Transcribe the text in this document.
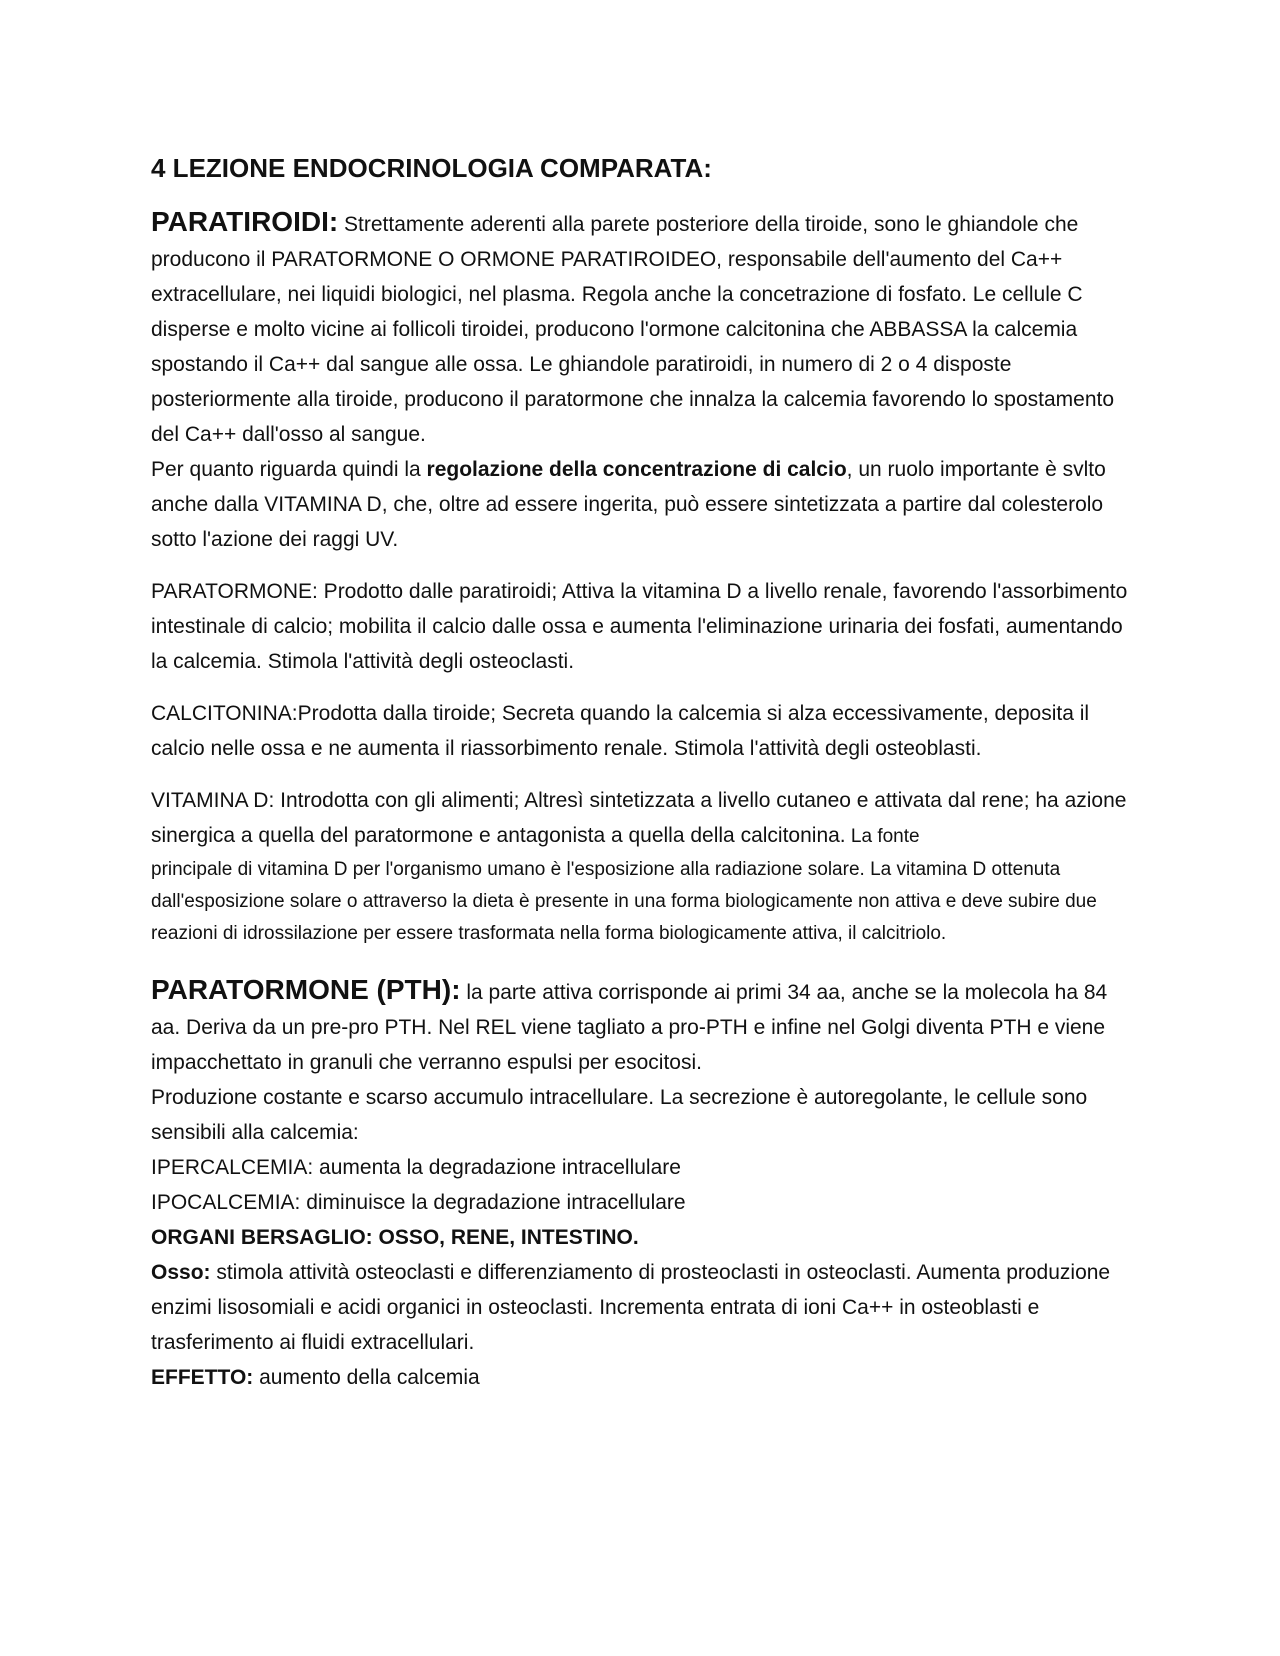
4 LEZIONE ENDOCRINOLOGIA COMPARATA:

PARATIROIDI: Strettamente aderenti alla parete posteriore della tiroide, sono le ghiandole che producono il PARATORMONE O ORMONE PARATIROIDEO, responsabile dell'aumento del Ca++ extracellulare, nei liquidi biologici, nel plasma. Regola anche la concetrazione di fosfato. Le cellule C disperse e molto vicine ai follicoli tiroidei, producono l'ormone calcitonina che ABBASSA la calcemia spostando il Ca++ dal sangue alle ossa. Le ghiandole paratiroidi, in numero di 2 o 4 disposte posteriormente alla tiroide, producono il paratormone che innalza la calcemia favorendo lo spostamento del Ca++ dall'osso al sangue.

Per quanto riguarda quindi la regolazione della concentrazione di calcio, un ruolo importante è svlto anche dalla VITAMINA D, che, oltre ad essere ingerita, può essere sintetizzata a partire dal colesterolo sotto l'azione dei raggi UV.

PARATORMONE: Prodotto dalle paratiroidi; Attiva la vitamina D a livello renale, favorendo l'assorbimento intestinale di calcio; mobilita il calcio dalle ossa e aumenta l'eliminazione urinaria dei fosfati, aumentando la calcemia. Stimola l'attività degli osteoclasti.

CALCITONINA:Prodotta dalla tiroide; Secreta quando la calcemia si alza eccessivamente, deposita il calcio nelle ossa e ne aumenta il riassorbimento renale. Stimola l'attività degli osteoblasti.

VITAMINA D: Introdotta con gli alimenti; Altresì sintetizzata a livello cutaneo e attivata dal rene; ha azione sinergica a quella del paratormone e antagonista a quella della calcitonina. La fonte

principale di vitamina D per l'organismo umano è l'esposizione alla radiazione solare. La vitamina D ottenuta dall'esposizione solare o attraverso la dieta è presente in una forma biologicamente non attiva e deve subire due reazioni di idrossilazione per essere trasformata nella forma biologicamente attiva, il calcitriolo.

PARATORMONE (PTH): la parte attiva corrisponde ai primi 34 aa, anche se la molecola ha 84 aa. Deriva da un pre-pro PTH. Nel REL viene tagliato a pro-PTH e infine nel Golgi diventa PTH e viene impacchettato in granuli che verranno espulsi per esocitosi.

Produzione costante e scarso accumulo intracellulare. La secrezione è autoregolante, le cellule sono sensibili alla calcemia:

IPERCALCEMIA: aumenta la degradazione intracellulare

IPOCALCEMIA: diminuisce la degradazione intracellulare

ORGANI BERSAGLIO: OSSO, RENE, INTESTINO.

Osso: stimola attività osteoclasti e differenziamento di prosteoclasti in osteoclasti. Aumenta produzione enzimi lisosomiali e acidi organici in osteoclasti. Incrementa entrata di ioni Ca++ in osteoblasti e trasferimento ai fluidi extracellulari.

EFFETTO: aumento della calcemia
